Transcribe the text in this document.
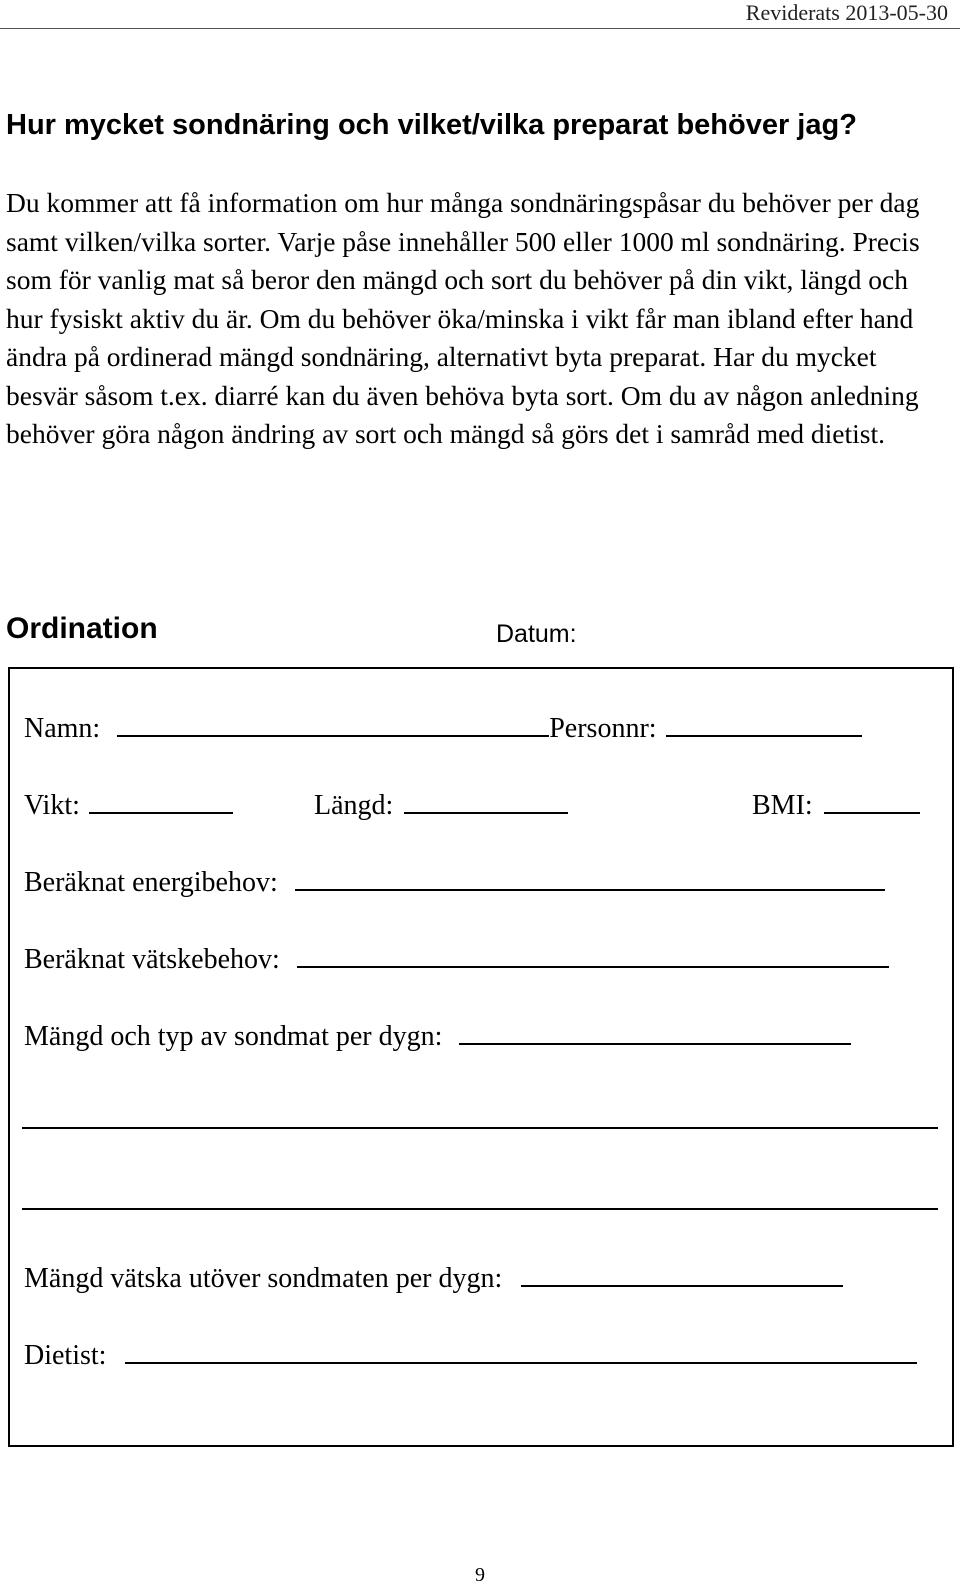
Reviderats 2013-05-30
Hur mycket sondnäring och vilket/vilka preparat behöver jag?

Du kommer att få information om hur många sondnäringspåsar du behöver per dag samt vilken/vilka sorter. Varje påse innehåller 500 eller 1000 ml sondnäring. Precis som för vanlig mat så beror den mängd och sort du behöver på din vikt, längd och hur fysiskt aktiv du är. Om du behöver öka/minska i vikt får man ibland efter hand ändra på ordinerad mängd sondnäring, alternativt byta preparat. Har du mycket besvär såsom t.ex. diarré kan du även behöva byta sort. Om du av någon anledning behöver göra någon ändring av sort och mängd så görs det i samråd med dietist.

Ordination	Datum:
Namn:	Personnr:
Vikt:	Längd:	BMI:
Beräknat energibehov:
Beräknat vätskebehov:
Mängd och typ av sondmat per dygn:
Mängd vätska utöver sondmaten per dygn:
Dietist:
9
